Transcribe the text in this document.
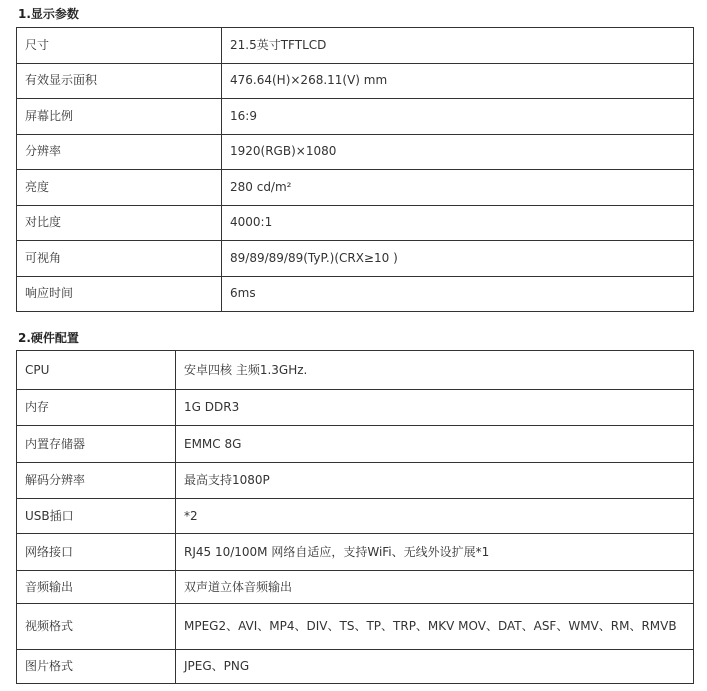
1.显示参数
尺寸	21.5英寸TFTLCD
有效显示面积	476.64(H)×268.11(V) mm
屏幕比例	16:9
分辨率	1920(RGB)×1080
亮度	280 cd/m²
对比度	4000:1
可视角	89/89/89/89(TyP.)(CRX≥10 )
响应时间	6ms
2.硬件配置
CPU	安卓四核 主频1.3GHz.
内存	1G DDR3
内置存储器	EMMC 8G
解码分辨率	最高支持1080P
USB插口	*2
网络接口	RJ45 10/100M 网络自适应，支持WiFi、无线外设扩展*1
音频输出	双声道立体音频输出
视频格式	MPEG2、AVI、MP4、DIV、TS、TP、TRP、MKV MOV、DAT、ASF、WMV、RM、RMVB
图片格式	JPEG、PNG
